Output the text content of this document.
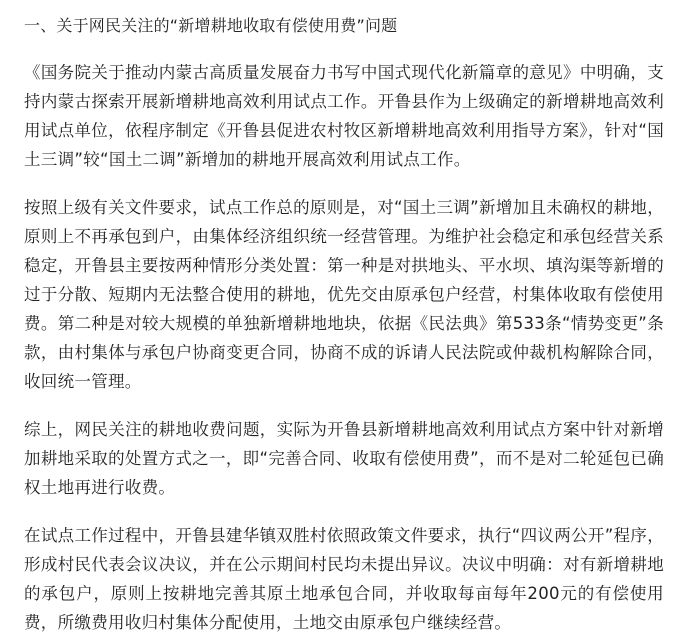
一、关于网民关注的“新增耕地收取有偿使用费”问题

《国务院关于推动内蒙古高质量发展奋力书写中国式现代化新篇章的意见》中明确，支持内蒙古探索开展新增耕地高效利用试点工作。开鲁县作为上级确定的新增耕地高效利用试点单位，依程序制定《开鲁县促进农村牧区新增耕地高效利用指导方案》，针对“国土三调”较“国土二调”新增加的耕地开展高效利用试点工作。

按照上级有关文件要求，试点工作总的原则是，对“国土三调”新增加且未确权的耕地，原则上不再承包到户，由集体经济组织统一经营管理。为维护社会稳定和承包经营关系稳定，开鲁县主要按两种情形分类处置：第一种是对拱地头、平水坝、填沟渠等新增的过于分散、短期内无法整合使用的耕地，优先交由原承包户经营，村集体收取有偿使用费。第二种是对较大规模的单独新增耕地地块，依据《民法典》第533条“情势变更”条款，由村集体与承包户协商变更合同，协商不成的诉请人民法院或仲裁机构解除合同，收回统一管理。

综上，网民关注的耕地收费问题，实际为开鲁县新增耕地高效利用试点方案中针对新增加耕地采取的处置方式之一，即“完善合同、收取有偿使用费”，而不是对二轮延包已确权土地再进行收费。

在试点工作过程中，开鲁县建华镇双胜村依照政策文件要求，执行“四议两公开”程序，形成村民代表会议决议，并在公示期间村民均未提出异议。决议中明确：对有新增耕地的承包户，原则上按耕地完善其原土地承包合同，并收取每亩每年200元的有偿使用费，所缴费用收归村集体分配使用，土地交由原承包户继续经营。
